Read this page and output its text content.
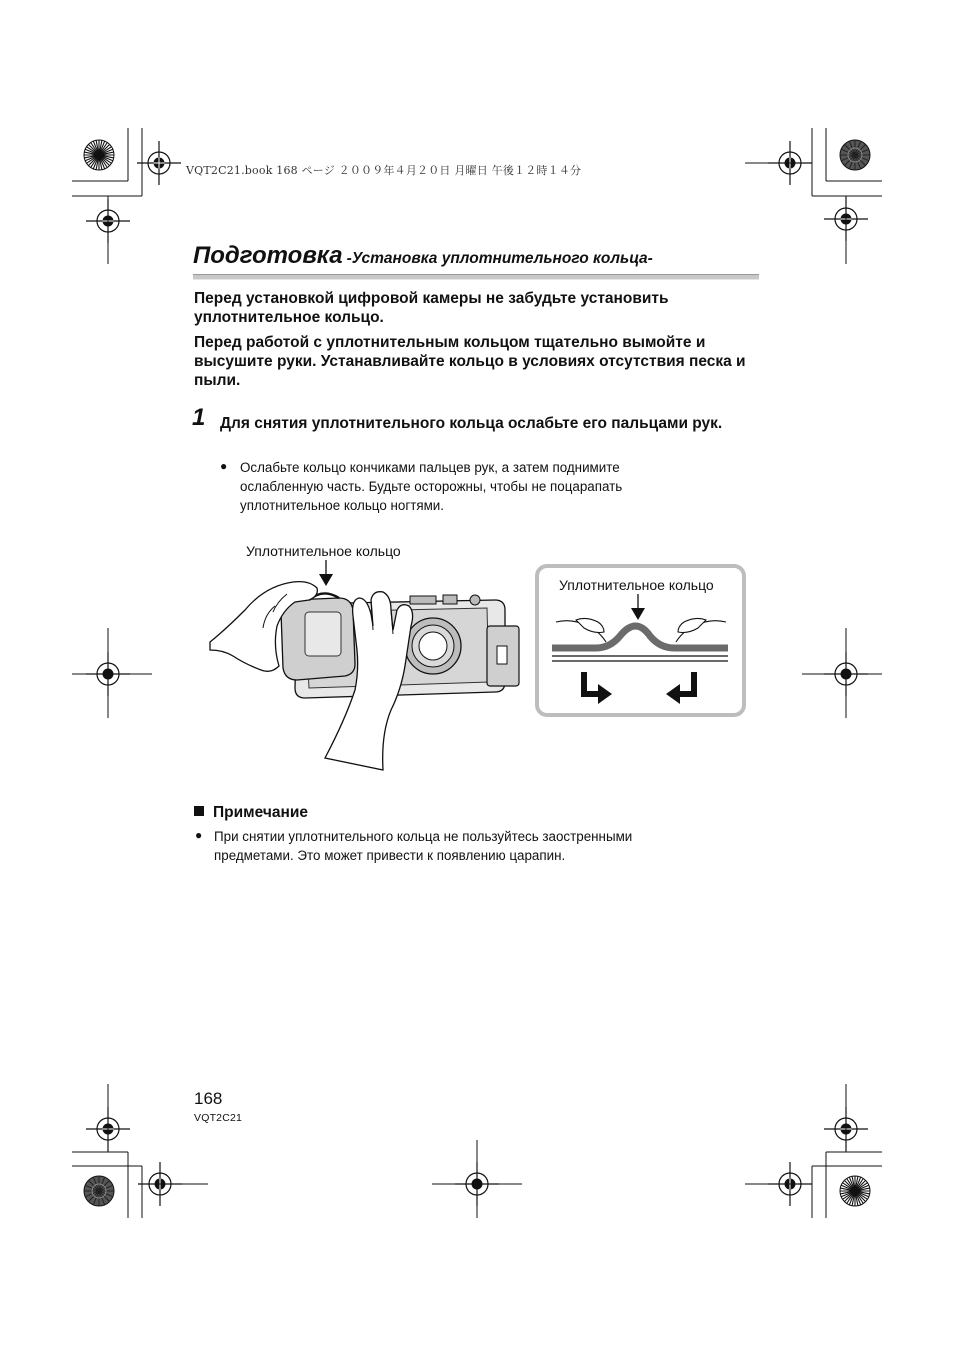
VQT2C21.book 168 ページ ２００９年４月２０日 月曜日 午後１２時１４分
Подготовка -Установка уплотнительного кольца-
Перед установкой цифровой камеры не забудьте установить уплотнительное кольцо.
Перед работой с уплотнительным кольцом тщательно вымойте и высушите руки. Устанавливайте кольцо в условиях отсутствия песка и пыли.
1 Для снятия уплотнительного кольца ослабьте его пальцами рук.
● Ослабьте кольцо кончиками пальцев рук, а затем поднимите ослабленную часть. Будьте осторожны, чтобы не поцарапать уплотнительное кольцо ногтями.
Уплотнительное кольцо
Уплотнительное кольцо
Примечание
● При снятии уплотнительного кольца не пользуйтесь заостренными предметами. Это может привести к появлению царапин.
168
VQT2C21
